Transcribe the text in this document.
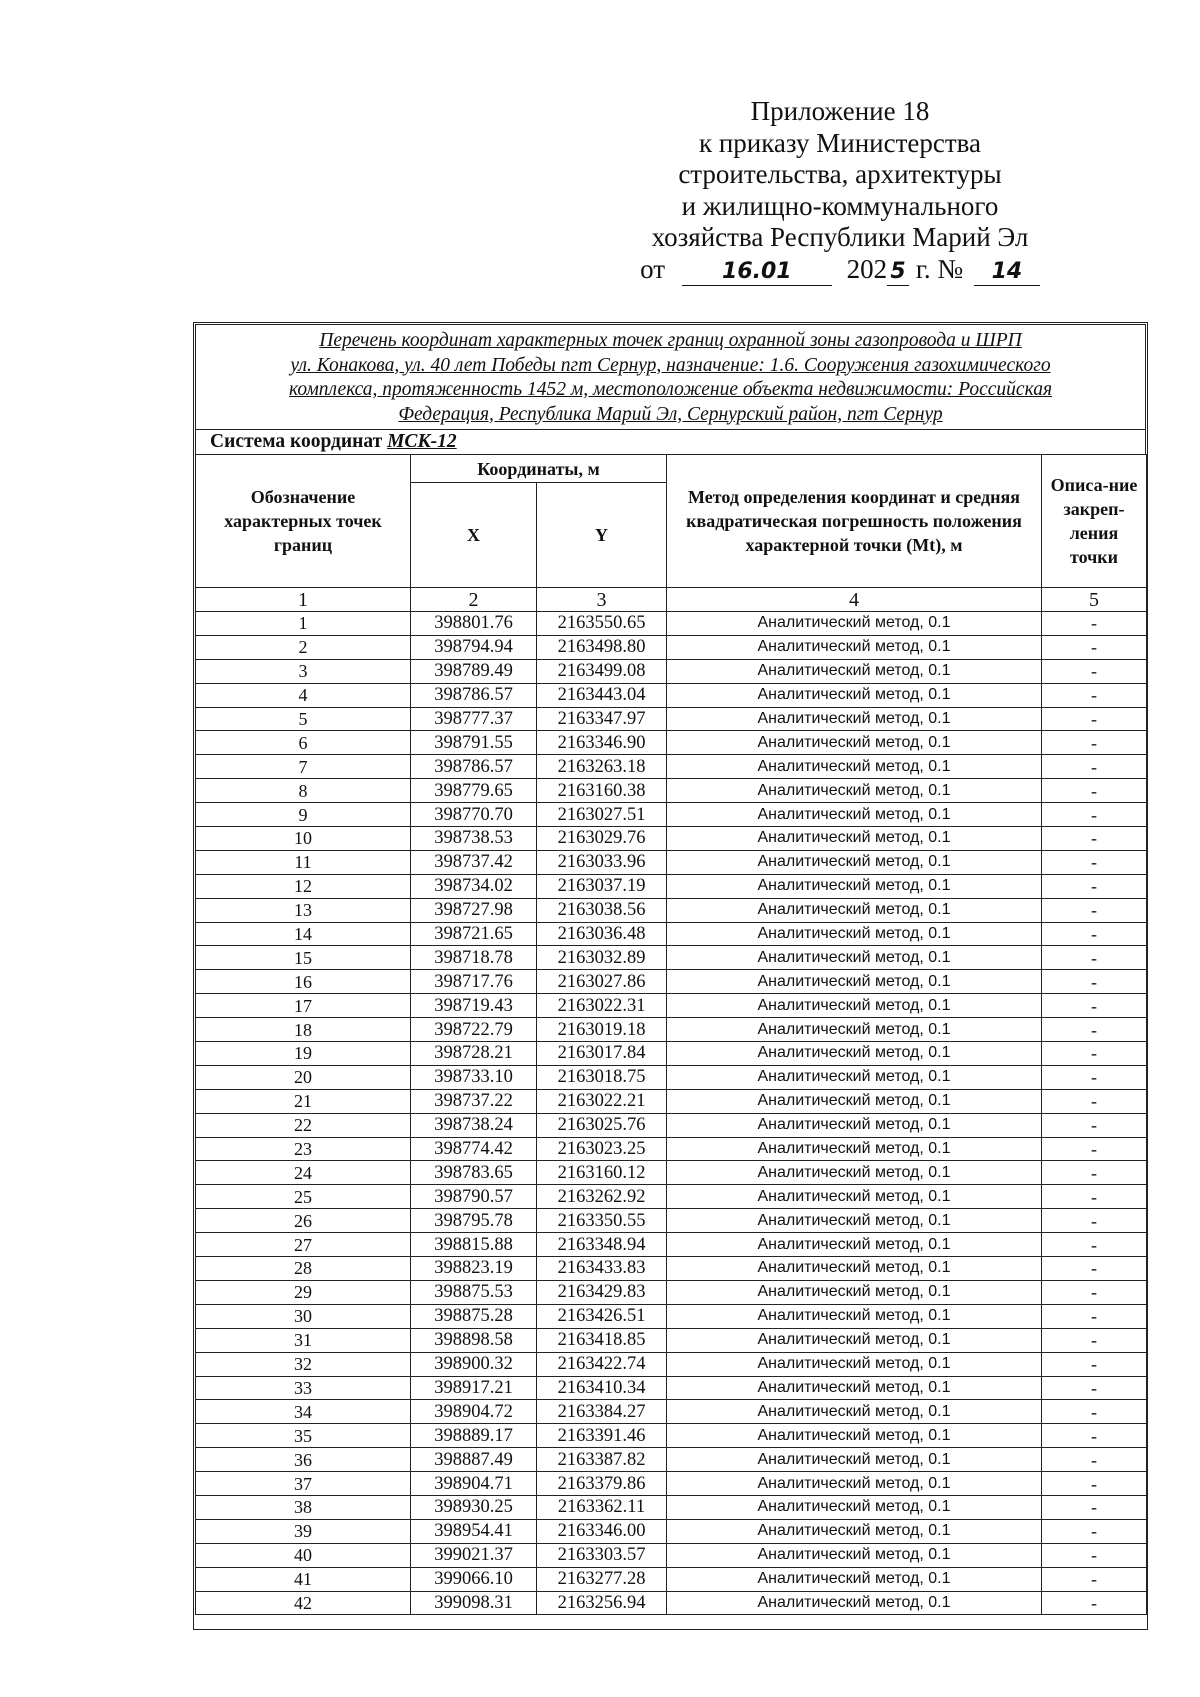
Приложение 18
к приказу Министерства
строительства, архитектуры
и жилищно-коммунального
хозяйства Республики Марий Эл
от	16.01 202 5 г. № 14
Перечень координат характерных точек границ охранной зоны газопровода и ШРП
ул. Конакова, ул. 40 лет Победы пгт Сернур, назначение: 1.6. Сооружения газохимического
комплекса, протяженность 1452 м, местоположение объекта недвижимости: Российская
Федерация, Республика Марий Эл, Сернурский район, пгт Сернур
Система координат МСК-12
Обозначение характерных точек границ	Координаты, м		Метод определения координат и средняя квадратическая погрешность положения характерной точки (Mt), м	Описа-ние закреп-ления точки
	X	Y		
1	2	3	4	5
1	398801.76	2163550.65	Аналитический метод, 0.1	-
2	398794.94	2163498.80	Аналитический метод, 0.1	-
3	398789.49	2163499.08	Аналитический метод, 0.1	-
4	398786.57	2163443.04	Аналитический метод, 0.1	-
5	398777.37	2163347.97	Аналитический метод, 0.1	-
6	398791.55	2163346.90	Аналитический метод, 0.1	-
7	398786.57	2163263.18	Аналитический метод, 0.1	-
8	398779.65	2163160.38	Аналитический метод, 0.1	-
9	398770.70	2163027.51	Аналитический метод, 0.1	-
10	398738.53	2163029.76	Аналитический метод, 0.1	-
11	398737.42	2163033.96	Аналитический метод, 0.1	-
12	398734.02	2163037.19	Аналитический метод, 0.1	-
13	398727.98	2163038.56	Аналитический метод, 0.1	-
14	398721.65	2163036.48	Аналитический метод, 0.1	-
15	398718.78	2163032.89	Аналитический метод, 0.1	-
16	398717.76	2163027.86	Аналитический метод, 0.1	-
17	398719.43	2163022.31	Аналитический метод, 0.1	-
18	398722.79	2163019.18	Аналитический метод, 0.1	-
19	398728.21	2163017.84	Аналитический метод, 0.1	-
20	398733.10	2163018.75	Аналитический метод, 0.1	-
21	398737.22	2163022.21	Аналитический метод, 0.1	-
22	398738.24	2163025.76	Аналитический метод, 0.1	-
23	398774.42	2163023.25	Аналитический метод, 0.1	-
24	398783.65	2163160.12	Аналитический метод, 0.1	-
25	398790.57	2163262.92	Аналитический метод, 0.1	-
26	398795.78	2163350.55	Аналитический метод, 0.1	-
27	398815.88	2163348.94	Аналитический метод, 0.1	-
28	398823.19	2163433.83	Аналитический метод, 0.1	-
29	398875.53	2163429.83	Аналитический метод, 0.1	-
30	398875.28	2163426.51	Аналитический метод, 0.1	-
31	398898.58	2163418.85	Аналитический метод, 0.1	-
32	398900.32	2163422.74	Аналитический метод, 0.1	-
33	398917.21	2163410.34	Аналитический метод, 0.1	-
34	398904.72	2163384.27	Аналитический метод, 0.1	-
35	398889.17	2163391.46	Аналитический метод, 0.1	-
36	398887.49	2163387.82	Аналитический метод, 0.1	-
37	398904.71	2163379.86	Аналитический метод, 0.1	-
38	398930.25	2163362.11	Аналитический метод, 0.1	-
39	398954.41	2163346.00	Аналитический метод, 0.1	-
40	399021.37	2163303.57	Аналитический метод, 0.1	-
41	399066.10	2163277.28	Аналитический метод, 0.1	-
42	399098.31	2163256.94	Аналитический метод, 0.1	-
